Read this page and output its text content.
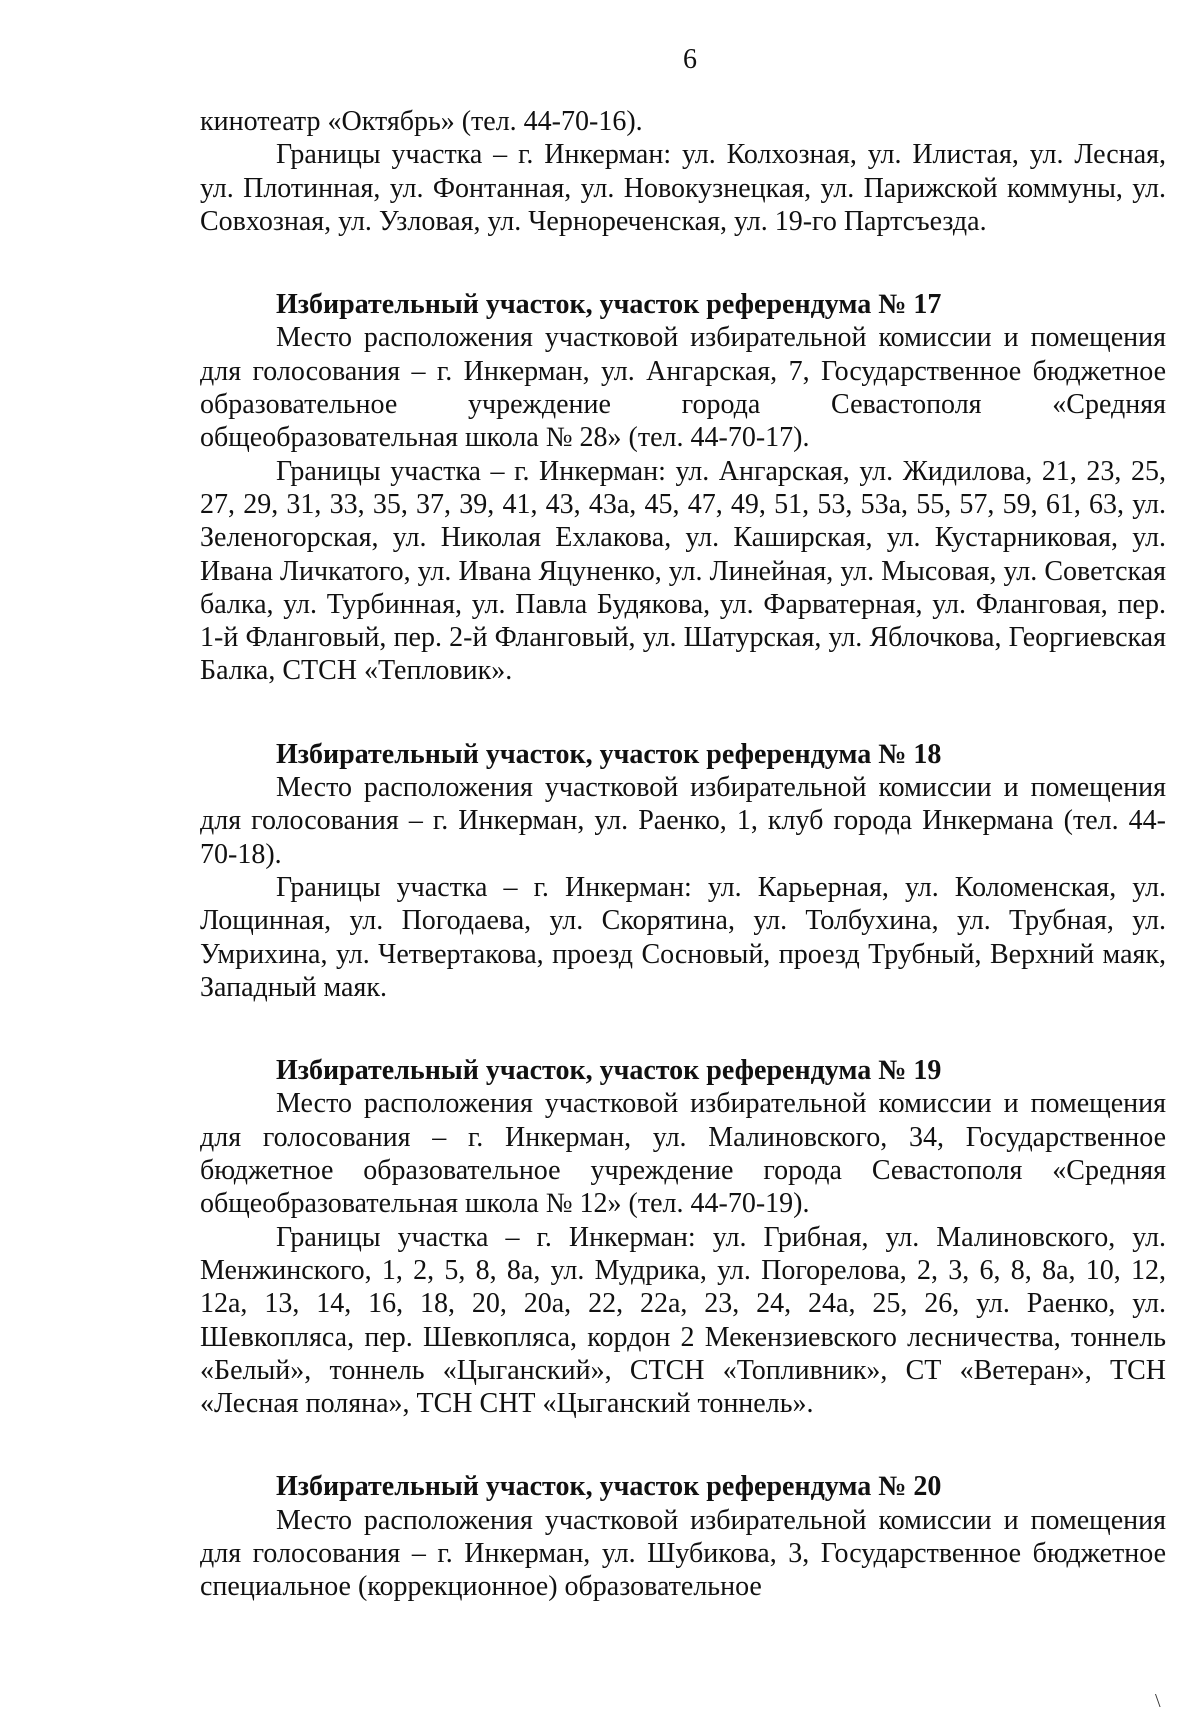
6

кинотеатр «Октябрь» (тел. 44-70-16).

Границы участка – г. Инкерман: ул. Колхозная, ул. Илистая, ул. Лесная, ул. Плотинная, ул. Фонтанная, ул. Новокузнецкая, ул. Парижской коммуны, ул. Совхозная, ул. Узловая, ул. Чернореченская, ул. 19-го Партсъезда.

Избирательный участок, участок референдума № 17

Место расположения участковой избирательной комиссии и помещения для голосования – г. Инкерман, ул. Ангарская, 7, Государственное бюджетное образовательное учреждение города Севастополя «Средняя общеобразовательная школа № 28» (тел. 44-70-17).

Границы участка – г. Инкерман: ул. Ангарская, ул. Жидилова, 21, 23, 25, 27, 29, 31, 33, 35, 37, 39, 41, 43, 43а, 45, 47, 49, 51, 53, 53а, 55, 57, 59, 61, 63, ул. Зеленогорская, ул. Николая Ехлакова, ул. Каширская, ул. Кустарниковая, ул. Ивана Личкатого, ул. Ивана Яцуненко, ул. Линейная, ул. Мысовая, ул. Советская балка, ул. Турбинная, ул. Павла Будякова, ул. Фарватерная, ул. Фланговая, пер. 1-й Фланговый, пер. 2-й Фланговый, ул. Шатурская, ул. Яблочкова, Георгиевская Балка, СТСН «Тепловик».

Избирательный участок, участок референдума № 18

Место расположения участковой избирательной комиссии и помещения для голосования – г. Инкерман, ул. Раенко, 1, клуб города Инкермана (тел. 44-70-18).

Границы участка – г. Инкерман: ул. Карьерная, ул. Коломенская, ул. Лощинная, ул. Погодаева, ул. Скорятина, ул. Толбухина, ул. Трубная, ул. Умрихина, ул. Четвертакова, проезд Сосновый, проезд Трубный, Верхний маяк, Западный маяк.

Избирательный участок, участок референдума № 19

Место расположения участковой избирательной комиссии и помещения для голосования – г. Инкерман, ул. Малиновского, 34, Государственное бюджетное образовательное учреждение города Севастополя «Средняя общеобразовательная школа № 12» (тел. 44-70-19).

Границы участка – г. Инкерман: ул. Грибная, ул. Малиновского, ул. Менжинского, 1, 2, 5, 8, 8а, ул. Мудрика, ул. Погорелова, 2, 3, 6, 8, 8а, 10, 12, 12а, 13, 14, 16, 18, 20, 20а, 22, 22а, 23, 24, 24а, 25, 26, ул. Раенко, ул. Шевкопляса, пер. Шевкопляса, кордон 2 Мекензиевского лесничества, тоннель «Белый», тоннель «Цыганский», СТСН «Топливник», СТ «Ветеран», ТСН «Лесная поляна», ТСН СНТ «Цыганский тоннель».

Избирательный участок, участок референдума № 20

Место расположения участковой избирательной комиссии и помещения для голосования – г. Инкерман, ул. Шубикова, 3, Государственное бюджетное специальное (коррекционное) образовательное

\
